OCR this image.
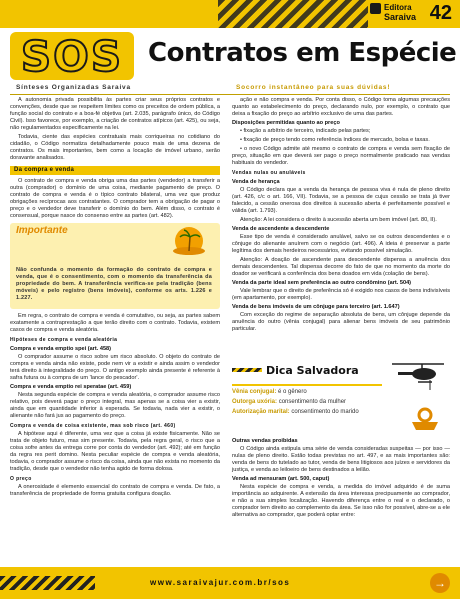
Editora
Saraiva 42
SOS Contratos em Espécie
Sínteses Organizadas Saraiva	Socorro instantâneo para suas dúvidas!

A autonomia privada possibilita às partes criar seus próprios contratos e convenções, desde que se respeitem limites como os preceitos de ordem pública, a função social do contrato e a boa-fé objetiva (art. 2.035, parágrafo único, do Código Civil). Isso favorece, por exemplo, a criação de contratos atípicos (art. 425), ou seja, não regulamentados especificamente na lei.

Todavia, ciente das espécies contratuais mais corriqueiras no cotidiano do cidadão, o Código normatiza detalhadamente pouco mais de uma dezena de contratos. Os mais importantes, bem como a locação de imóvel urbano, serão doravante analisados.

Da compra e venda

O contrato de compra e venda obriga uma das partes (vendedor) a transferir a outra (comprador) o domínio de uma coisa, mediante pagamento de preço. O contrato de compra e venda é o típico contrato bilateral, uma vez que produz obrigações recíprocas aos contratantes. O comprador tem a obrigação de pagar o preço e o vendedor deve transferir o domínio do bem. Além disso, o contrato é consensual, porque nasce do consenso entre as partes (art. 482).

Importante
Não confunda o momento da formação do contrato de compra e venda, que é o consentimento, com o momento da transferência da propriedade do bem. A transferência verifica-se pela tradição (bens móveis) e pelo registro (bens imóveis), conforme os arts. 1.226 e 1.227.

Em regra, o contrato de compra e venda é comutativo, ou seja, as partes sabem exatamente a contraprestação a que terão direito com o contrato. Todavia, existem casos de compra e venda aleatória.

Hipóteses de compra e venda aleatória
Compra e venda emptio spei (art. 458)

O comprador assume o risco sobre um risco absoluto. O objeto do contrato de compra e venda ainda não existe, pode nem vir a existir e ainda assim o vendedor terá direito à integralidade do preço. O antigo exemplo ainda presente é referente à safra futura ou à compra de um 'lance do pescador'.

Compra e venda emptio rei speratae (art. 459)

Nesta segunda espécie de compra e venda aleatória, o comprador assume risco relativo, pois deverá pagar o preço integral, mas apenas se a coisa vier a existir, ainda que em quantidade inferior à esperada. Se todavia, nada vier a existir, o alienante não fará jus ao pagamento do preço.

Compra e venda de coisa existente, mas sob risco (art. 460)

A hipótese aqui é diferente, uma vez que a coisa já existe fisicamente. Não se trata de objeto futuro, mas sim presente. Todavia, pela regra geral, o risco que a coisa sofre antes da entrega corre por conta do vendedor (art. 492); até em função da regra res perit domino. Nesta peculiar espécie de compra e venda aleatória, todavia, o comprador assume o risco da coisa, ainda que não exista no momento da tradição, desde que o vendedor não tenha agido de forma dolosa.

O preço

A onerosidade é elemento essencial do contrato de compra e venda. De fato, a transferência de propriedade de forma gratuita configura doação.

ação e não compra e venda. Por conta disso, o Código toma algumas precauções quanto ao estabelecimento do preço, declarando nulo, por exemplo, o contrato que deixa a fixação do preço ao arbítrio exclusivo de uma das partes.

Disposições permitidas quanto ao preço

• fixação a arbítrio de terceiro, indicado pelas partes;

• fixação de preço tendo como referência índices de mercado, bolsa e taxas.

• o novo Código admite até mesmo o contrato de compra e venda sem fixação de preço, situação em que deverá ser pago o preço normalmente praticado nas vendas habituais do vendedor.

Vendas nulas ou anuláveis
Venda de herança

O Código declara que a venda da herança de pessoa viva é nula de pleno direito (art. 426, c/c o art. 166, VII). Todavia, se a pessoa de cujus cessão se trata já tiver falecido, a cessão onerosa dos direitos à sucessão aberta é perfeitamente possível e válida (art. 1.793).

Atenção: A lei considera o direito à sucessão aberta um bem imóvel (art. 80, II).

Venda de ascendente a descendente

Esse tipo de venda é considerado anulável, salvo se os outros descendentes e o cônjuge do alienante anuírem com o negócio (art. 496). A ideia é preservar a parte legítima dos demais herdeiros necessários, evitando possível simulação.

Atenção: A doação de ascendente para descendente dispensa a anuência dos demais descendentes. Tal dispensa decorre do fato de que no momento da morte do doador se verificará a conferência dos bens doados em vida (colação de bens).

Venda da parte ideal sem preferência ao outro condômino (art. 504)

Vale lembrar que o direito de preferência só é exigido nos casos de bens indivisíveis (em apartamento, por exemplo).

Venda de bens imóveis de um cônjuge para terceiro (art. 1.647)

Com exceção do regime de separação absoluta de bens, um cônjuge depende da anuência do outro (vênia conjugal) para alienar bens imóveis de seu patrimônio particular.

Dica Salvadora
Vênia conjugal: é o gênero
Outorga uxória: consentimento da mulher
Autorização marital: consentimento do marido
Outras vendas proibidas

O Código ainda estipula uma série de venda consideradas suspeitas — por isso — nulas de pleno direito. Estão todas previstas no art. 497, e as mais importantes são: venda de bens do tutelado ao tutor, venda de bens litigiosos aos juízes e servidores da justiça, e venda ao leiloeiro de bens destinados a leilão.

Venda ad mensuram (art. 500, caput)

Nesta espécie de compra e venda, a medida do imóvel adquirido é de suma importância ao adquirente. A extensão da área interessa precipuamente ao comprador, e não a sua simples localização. Havendo diferença entre o real e o declarado, o comprador tem direito ao complemento da área. Se isso não for possível, abre-se a ele alternativa ao comprador, que poderá optar entre:

www.saraivajur.com.br/sos	→
